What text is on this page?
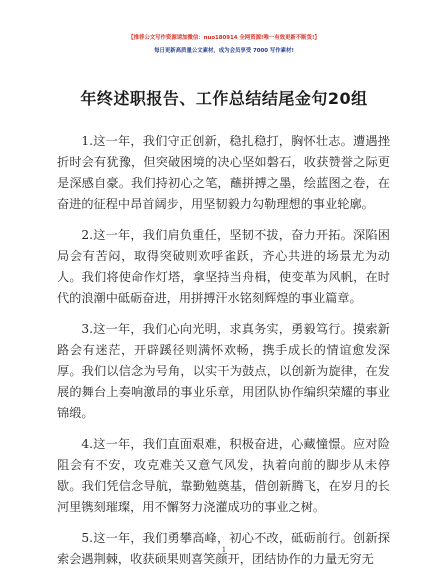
【推荐公文写作资源请加微信：nuo180914 全网资源!唯一有效更新不断货!】
每日更新高质量公文素材，成为会员享受 7000 写作素材!
年终述职报告、工作总结结尾金句20组

1.这一年，我们守正创新，稳扎稳打，胸怀壮志。遭遇挫折时会有犹豫，但突破困境的决心坚如磐石，收获赞誉之际更是深感自豪。我们持初心之笔，蘸拼搏之墨，绘蓝图之卷，在奋进的征程中昂首阔步，用坚韧毅力勾勒理想的事业轮廓。

2.这一年，我们肩负重任，坚韧不拔，奋力开拓。深陷困局会有苦闷，取得突破则欢呼雀跃，齐心共进的场景尤为动人。我们将使命作灯塔，拿坚持当舟楫，使变革为风帆，在时代的浪潮中砥砺奋进，用拼搏汗水铭刻辉煌的事业篇章。

3.这一年，我们心向光明，求真务实，勇毅笃行。摸索新路会有迷茫，开辟蹊径则满怀欢畅，携手成长的情谊愈发深厚。我们以信念为号角，以实干为鼓点，以创新为旋律，在发展的舞台上奏响激昂的事业乐章，用团队协作编织荣耀的事业锦缎。

4.这一年，我们直面艰难，积极奋进，心藏憧憬。应对险阻会有不安，攻克难关又意气风发，执着向前的脚步从未停歇。我们凭信念导航，靠勤勉奠基，借创新腾飞，在岁月的长河里镌刻璀璨，用不懈努力浇灌成功的事业之树。

5.这一年，我们勇攀高峰，初心不改，砥砺前行。创新探索会遇荆棘，收获硕果则喜笑颜开，团结协作的力量无穷无

1
